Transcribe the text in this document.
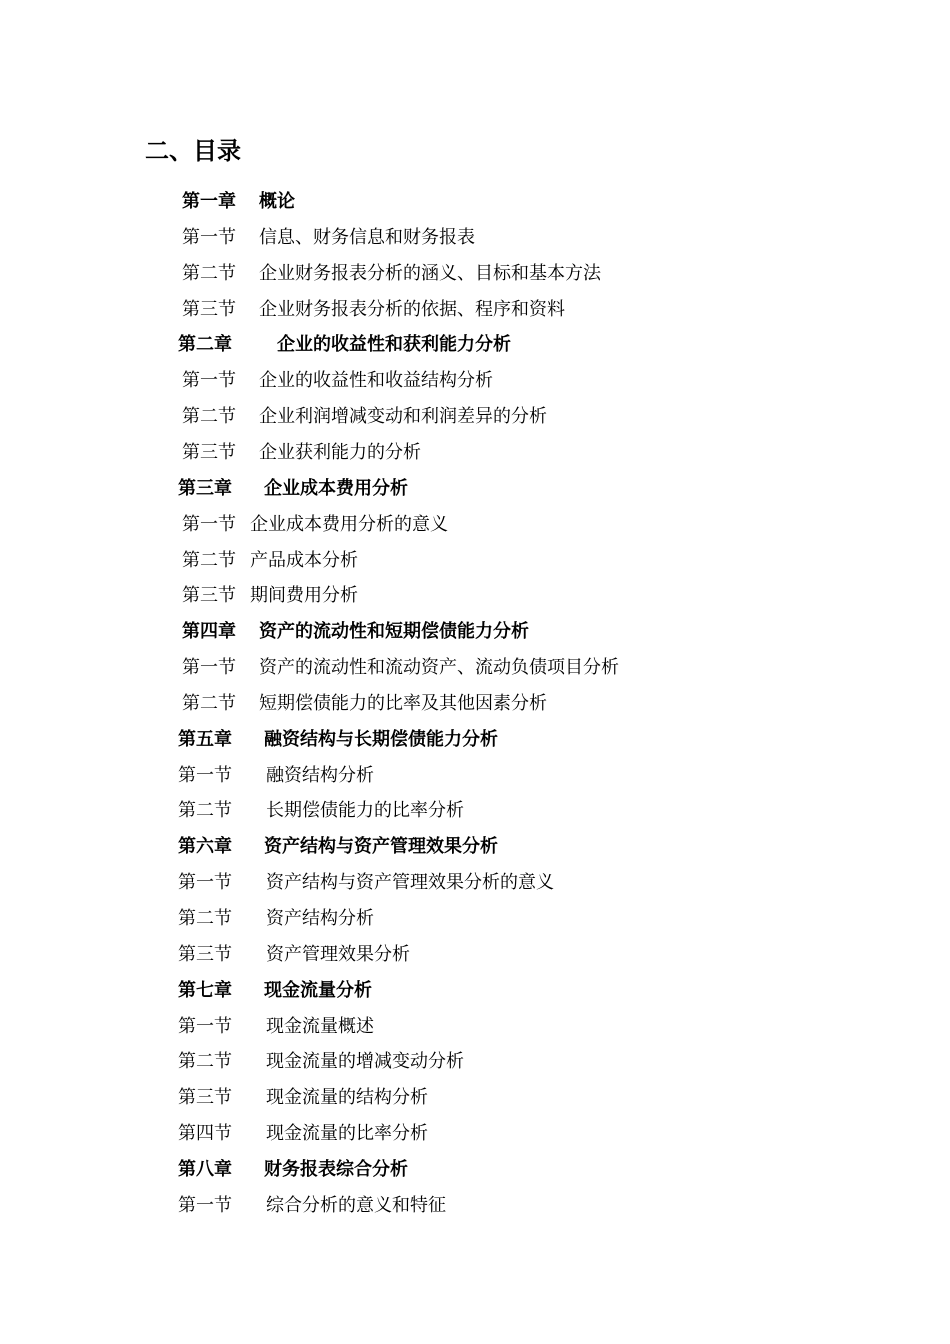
二、目录
第一章 概论
第一节 信息、财务信息和财务报表
第二节 企业财务报表分析的涵义、目标和基本方法
第三节 企业财务报表分析的依据、程序和资料
第二章	企业的收益性和获利能力分析
第一节 企业的收益性和收益结构分析
第二节 企业利润增减变动和利润差异的分析
第三节 企业获利能力的分析
第三章 企业成本费用分析
第一节 企业成本费用分析的意义
第二节 产品成本分析
第三节 期间费用分析
第四章 资产的流动性和短期偿债能力分析
第一节 资产的流动性和流动资产、流动负债项目分析
第二节 短期偿债能力的比率及其他因素分析
第五章 融资结构与长期偿债能力分析
第一节 融资结构分析
第二节 长期偿债能力的比率分析
第六章 资产结构与资产管理效果分析
第一节 资产结构与资产管理效果分析的意义
第二节 资产结构分析
第三节 资产管理效果分析
第七章 现金流量分析
第一节 现金流量概述
第二节 现金流量的增减变动分析
第三节 现金流量的结构分析
第四节 现金流量的比率分析
第八章 财务报表综合分析
第一节 综合分析的意义和特征
